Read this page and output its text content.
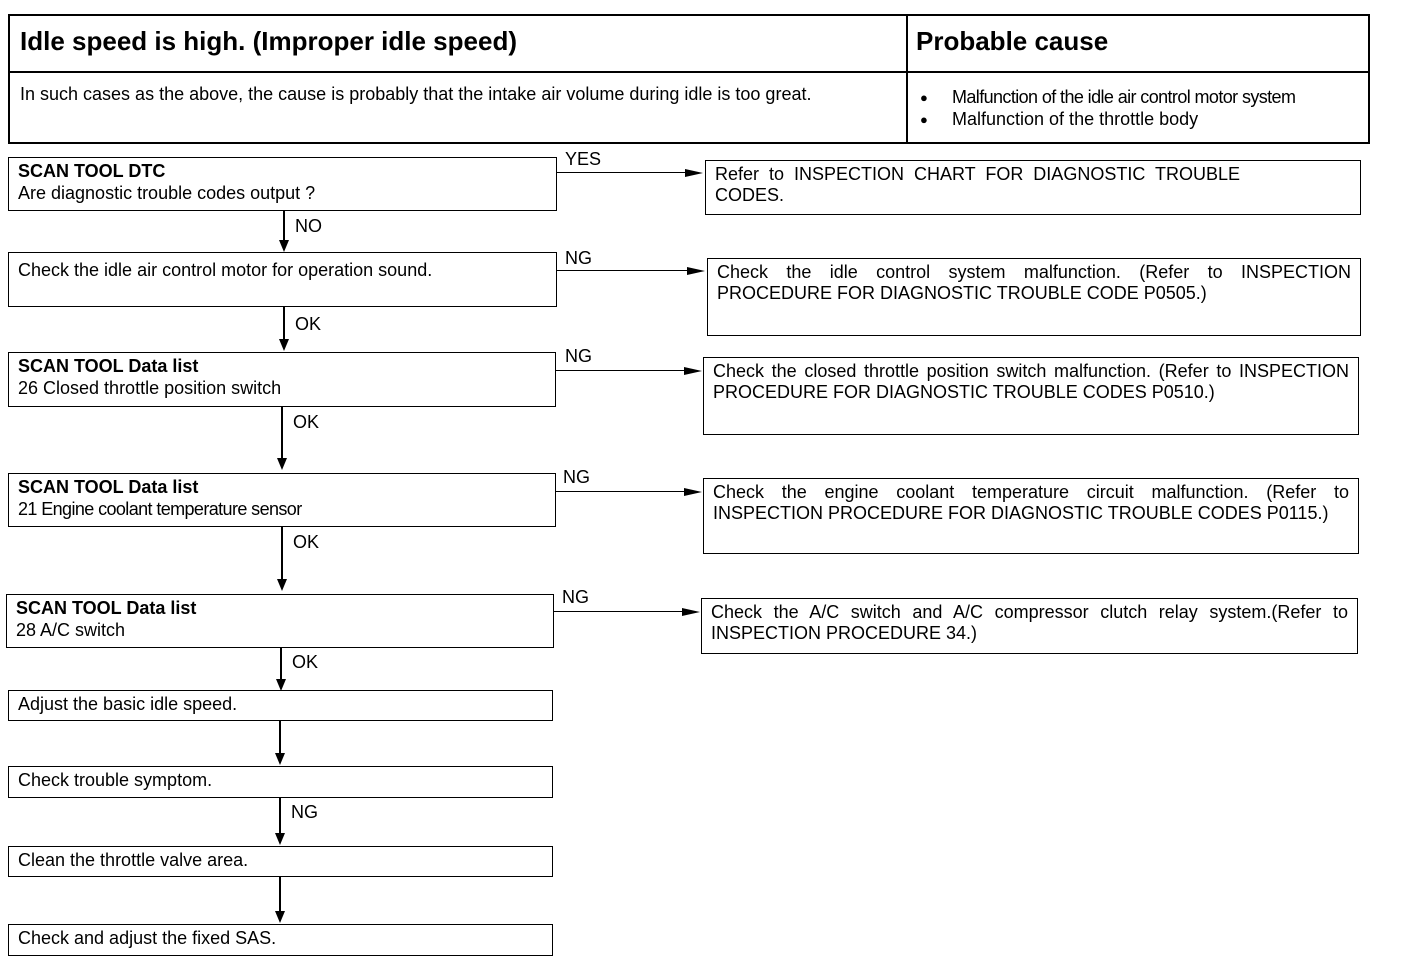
Idle speed is high. (Improper idle speed)	Probable cause
In such cases as the above, the cause is probably that the intake air volume during idle is too great.	● Malfunction of the idle air control motor system
● Malfunction of the throttle body
SCAN TOOL DTC
Are diagnostic trouble codes output ?
YES
Refer to INSPECTION CHART FOR DIAGNOSTIC TROUBLE CODES.
NO
Check the idle air control motor for operation sound.
NG
Check the idle control system malfunction. (Refer to INSPECTION PROCEDURE FOR DIAGNOSTIC TROUBLE CODE P0505.)
OK
SCAN TOOL Data list
26 Closed throttle position switch
NG
Check the closed throttle position switch malfunction. (Refer to INSPECTION PROCEDURE FOR DIAGNOSTIC TROUBLE CODES P0510.)
OK
SCAN TOOL Data list
21 Engine coolant temperature sensor
NG
Check the engine coolant temperature circuit malfunction. (Refer to INSPECTION PROCEDURE FOR DIAGNOSTIC TROUBLE CODES P0115.)
OK
SCAN TOOL Data list
28 A/C switch
NG
Check the A/C switch and A/C compressor clutch relay system.(Refer to INSPECTION PROCEDURE 34.)
OK
Adjust the basic idle speed.
Check trouble symptom.
NG
Clean the throttle valve area.
Check and adjust the fixed SAS.
